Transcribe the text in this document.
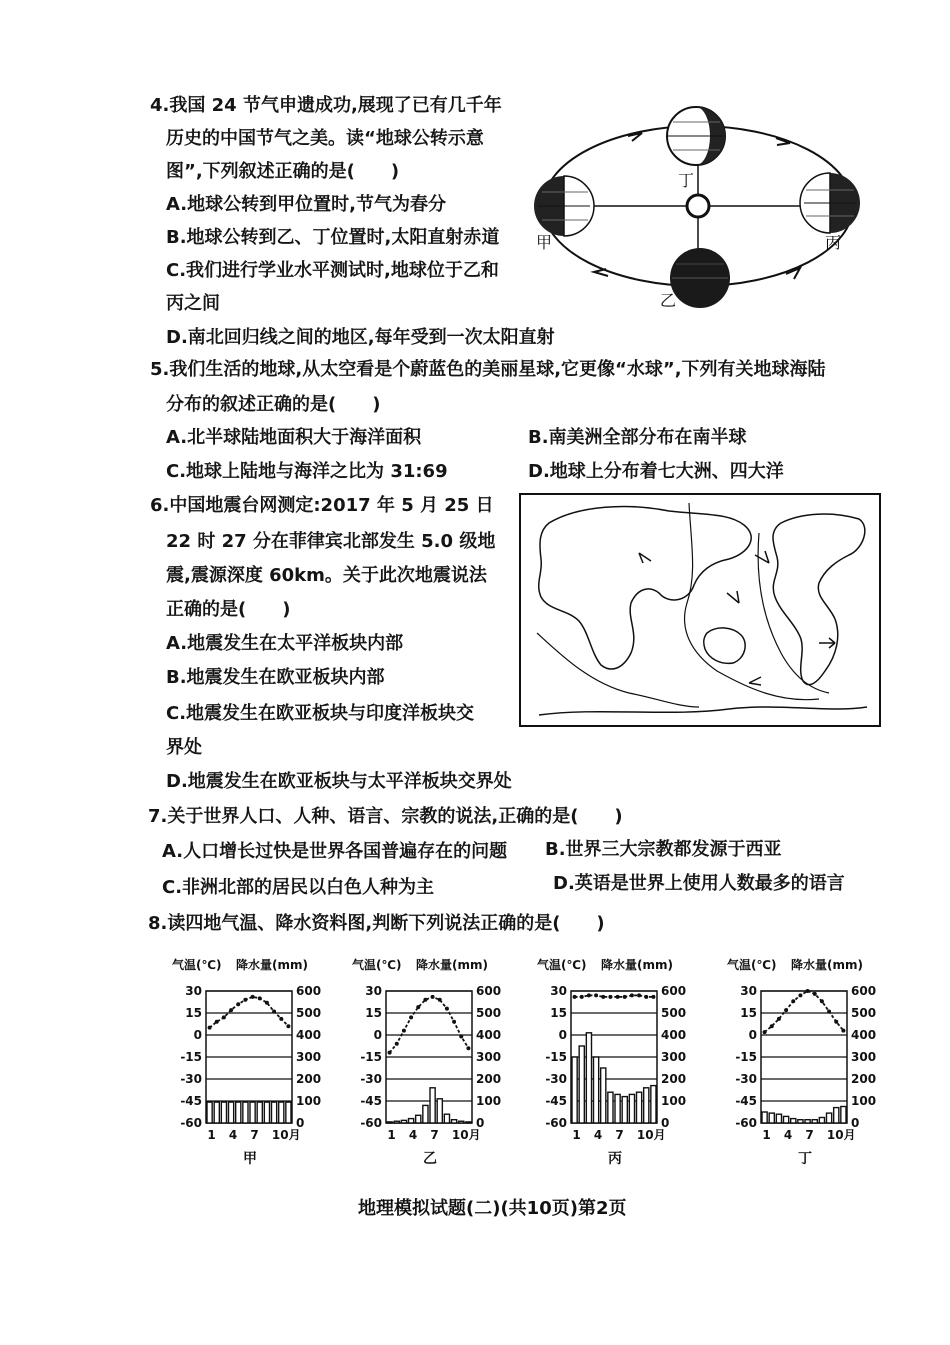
4.我国 24 节气申遗成功,展现了已有几千年
历史的中国节气之美。读“地球公转示意
图”,下列叙述正确的是(　　)
A.地球公转到甲位置时,节气为春分
B.地球公转到乙、丁位置时,太阳直射赤道
C.我们进行学业水平测试时,地球位于乙和
丙之间
D.南北回归线之间的地区,每年受到一次太阳直射
甲	丙
丁
乙
5.我们生活的地球,从太空看是个蔚蓝色的美丽星球,它更像“水球”,下列有关地球海陆
分布的叙述正确的是(　　)
A.北半球陆地面积大于海洋面积	B.南美洲全部分布在南半球
C.地球上陆地与海洋之比为 31:69	D.地球上分布着七大洲、四大洋
6.中国地震台网测定:2017 年 5 月 25 日
22 时 27 分在菲律宾北部发生 5.0 级地
震,震源深度 60km。关于此次地震说法
正确的是(　　)
A.地震发生在太平洋板块内部
B.地震发生在欧亚板块内部
C.地震发生在欧亚板块与印度洋板块交
界处
D.地震发生在欧亚板块与太平洋板块交界处
7.关于世界人口、人种、语言、宗教的说法,正确的是(　　)
A.人口增长过快是世界各国普遍存在的问题 B.世界三大宗教都发源于西亚
C.非洲北部的居民以白色人种为主	D.英语是世界上使用人数最多的语言
8.读四地气温、降水资料图,判断下列说法正确的是(　　)
气温(℃) 降水量(mm)
30	600
15	500
0	400
-15	300
-30	200
-45	100
-60	0
1 4 7 10月
甲
气温(℃) 降水量(mm)
30	600
15	500
0	400
-15	300
-30	200
-45	100
-60	0
1 4 7 10月
乙
气温(℃) 降水量(mm)
30	600
15	500
0	400
-15	300
-30	200
-45	100
-60	0
1 4 7 10月
丙
气温(℃) 降水量(mm)
30	600
15	500
0	400
-15	300
-30	200
-45	100
-60	0
1 4 7 10月
丁
地理模拟试题(二)(共10页)第2页
